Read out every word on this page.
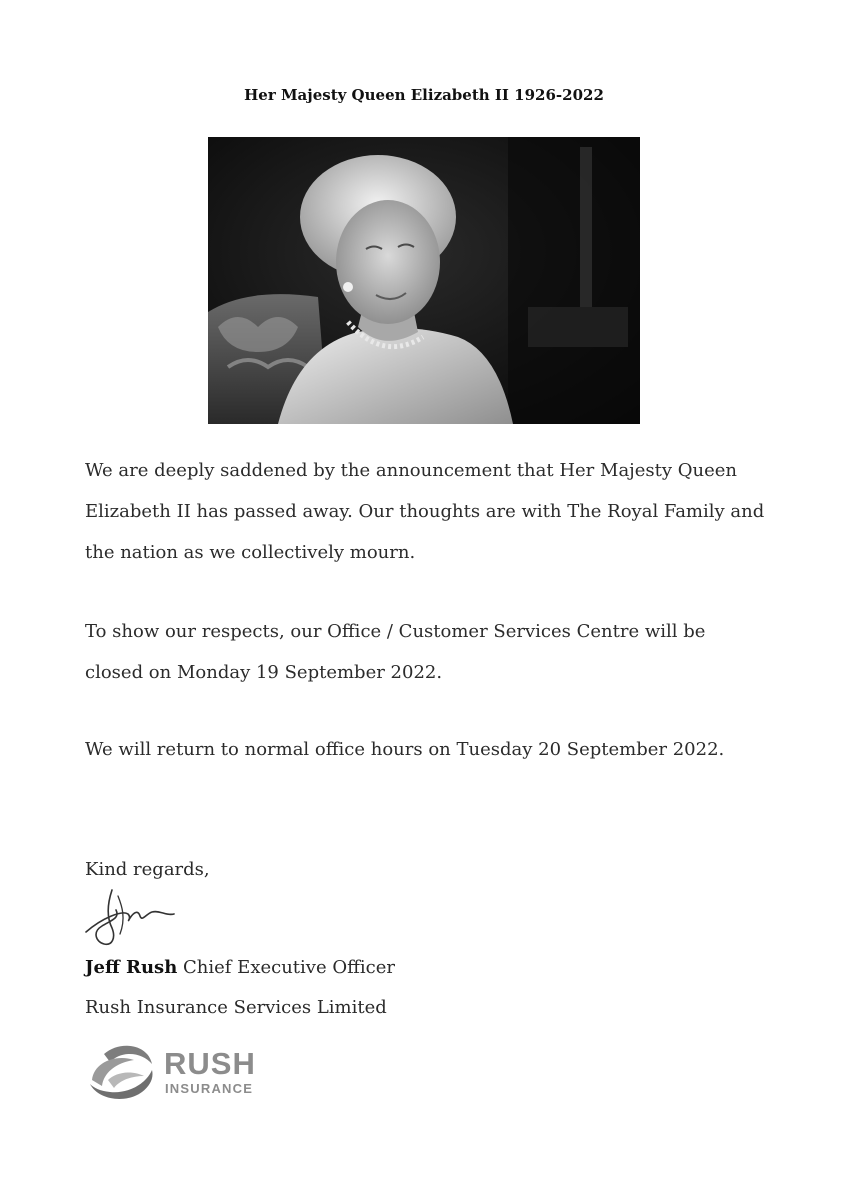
Her Majesty Queen Elizabeth II 1926-2022

We are deeply saddened by the announcement that Her Majesty Queen Elizabeth II has passed away. Our thoughts are with The Royal Family and the nation as we collectively mourn.

To show our respects, our Office / Customer Services Centre will be closed on Monday 19 September 2022.

We will return to normal office hours on Tuesday 20 September 2022.

Kind regards,

Jeff Rush Chief Executive Officer

Rush Insurance Services Limited

RUSH
INSURANCE
